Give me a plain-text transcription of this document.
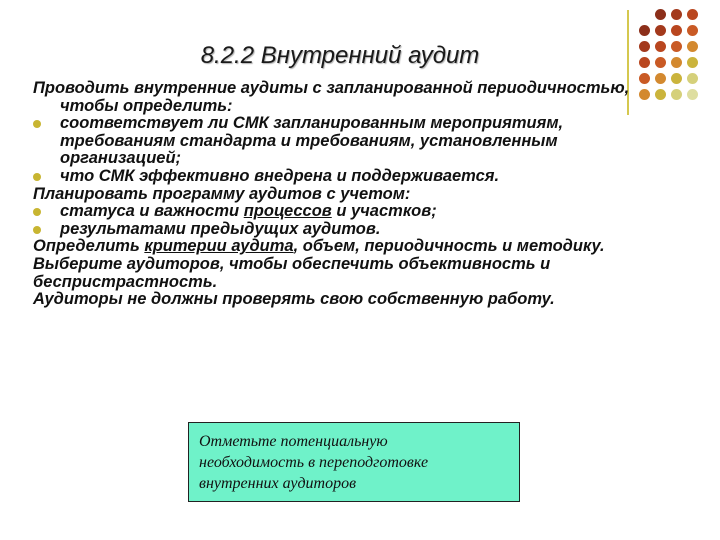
8.2.2 Внутренний аудит

Проводить внутренние аудиты с запланированной периодичностью, чтобы определить:

соответствует ли СМК запланированным мероприятиям, требованиям стандарта и требованиям, установленным организацией;
что СМК эффективно внедрена и поддерживается.

Планировать программу аудитов с учетом:

статуса и важности процессов и участков;
результатами предыдущих аудитов.

Определить критерии аудита, объем, периодичность и методику.

Выберите аудиторов, чтобы обеспечить объективность и беспристрастность.

Аудиторы не должны проверять свою собственную работу.

Отметьте потенциальную
необходимость в переподготовке
внутренних аудиторов
